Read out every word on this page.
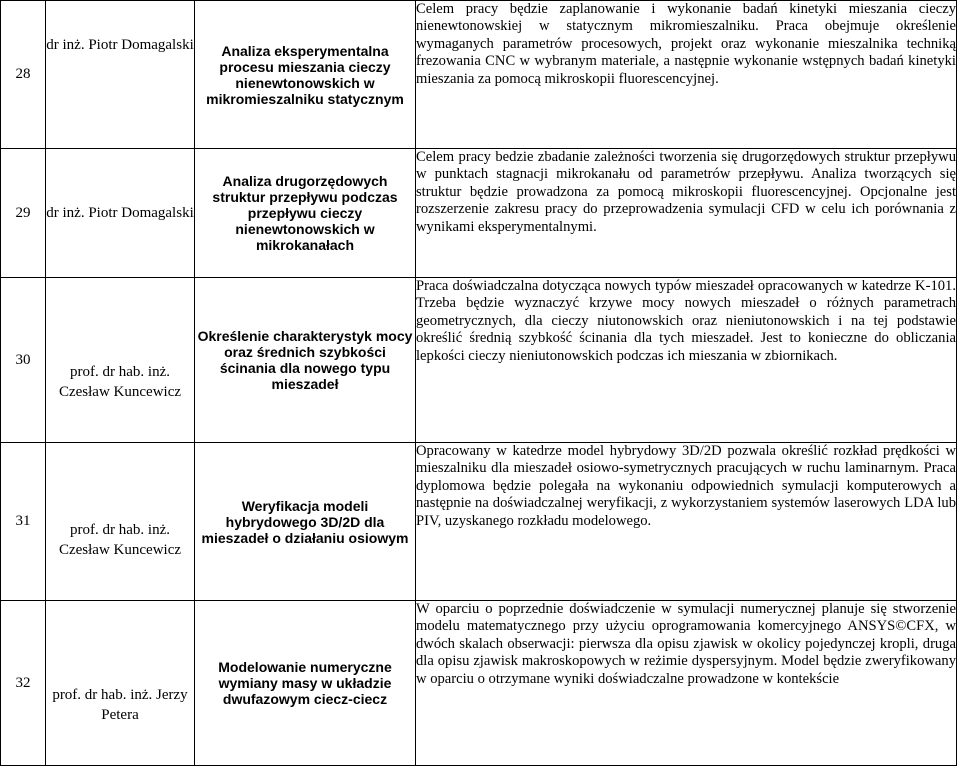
28	dr inż. Piotr Domagalski	Analiza eksperymentalna procesu mieszania cieczy nienewtonowskich w mikromieszalniku statycznym	Celem pracy będzie zaplanowanie i wykonanie badań kinetyki mieszania cieczy nienewtonowskiej w statycznym mikromieszalniku. Praca obejmuje określenie wymaganych parametrów procesowych, projekt oraz wykonanie mieszalnika techniką frezowania CNC w wybranym materiale, a następnie wykonanie wstępnych badań kinetyki mieszania za pomocą mikroskopii fluorescencyjnej.
29	dr inż. Piotr Domagalski	Analiza drugorzędowych struktur przepływu podczas przepływu cieczy nienewtonowskich w mikrokanałach	Celem pracy bedzie zbadanie zależności tworzenia się drugorzędowych struktur przepływu w punktach stagnacji mikrokanału od parametrów przepływu. Analiza tworzących się struktur będzie prowadzona za pomocą mikroskopii fluorescencyjnej. Opcjonalne jest rozszerzenie zakresu pracy do przeprowadzenia symulacji CFD w celu ich porównania z wynikami eksperymentalnymi.
30	prof. dr hab. inż. Czesław Kuncewicz	Określenie charakterystyk mocy oraz średnich szybkości ścinania dla nowego typu mieszadeł	Praca doświadczalna dotycząca nowych typów mieszadeł opracowanych w katedrze K-101. Trzeba będzie wyznaczyć krzywe mocy nowych mieszadeł o różnych parametrach geometrycznych, dla cieczy niutonowskich oraz nieniutonowskich i na tej podstawie określić średnią szybkość ścinania dla tych mieszadeł. Jest to konieczne do obliczania lepkości cieczy nieniutonowskich podczas ich mieszania w zbiornikach.
31	prof. dr hab. inż. Czesław Kuncewicz	Weryfikacja modeli hybrydowego 3D/2D dla mieszadeł o działaniu osiowym	Opracowany w katedrze model hybrydowy 3D/2D pozwala określić rozkład prędkości w mieszalniku dla mieszadeł osiowo-symetrycznych pracujących w ruchu laminarnym. Praca dyplomowa będzie polegała na wykonaniu odpowiednich symulacji komputerowych a następnie na doświadczalnej weryfikacji, z wykorzystaniem systemów laserowych LDA lub PIV, uzyskanego rozkładu modelowego.
32	prof. dr hab. inż. Jerzy Petera	Modelowanie numeryczne wymiany masy w układzie dwufazowym ciecz-ciecz	W oparciu o poprzednie doświadczenie w symulacji numerycznej planuje się stworzenie modelu matematycznego przy użyciu oprogramowania komercyjnego ANSYS©CFX, w dwóch skalach obserwacji: pierwsza dla opisu zjawisk w okolicy pojedynczej kropli, druga dla opisu zjawisk makroskopowych w reżimie dyspersyjnym. Model będzie zweryfikowany w oparciu o otrzymane wyniki doświadczalne prowadzone w kontekście
